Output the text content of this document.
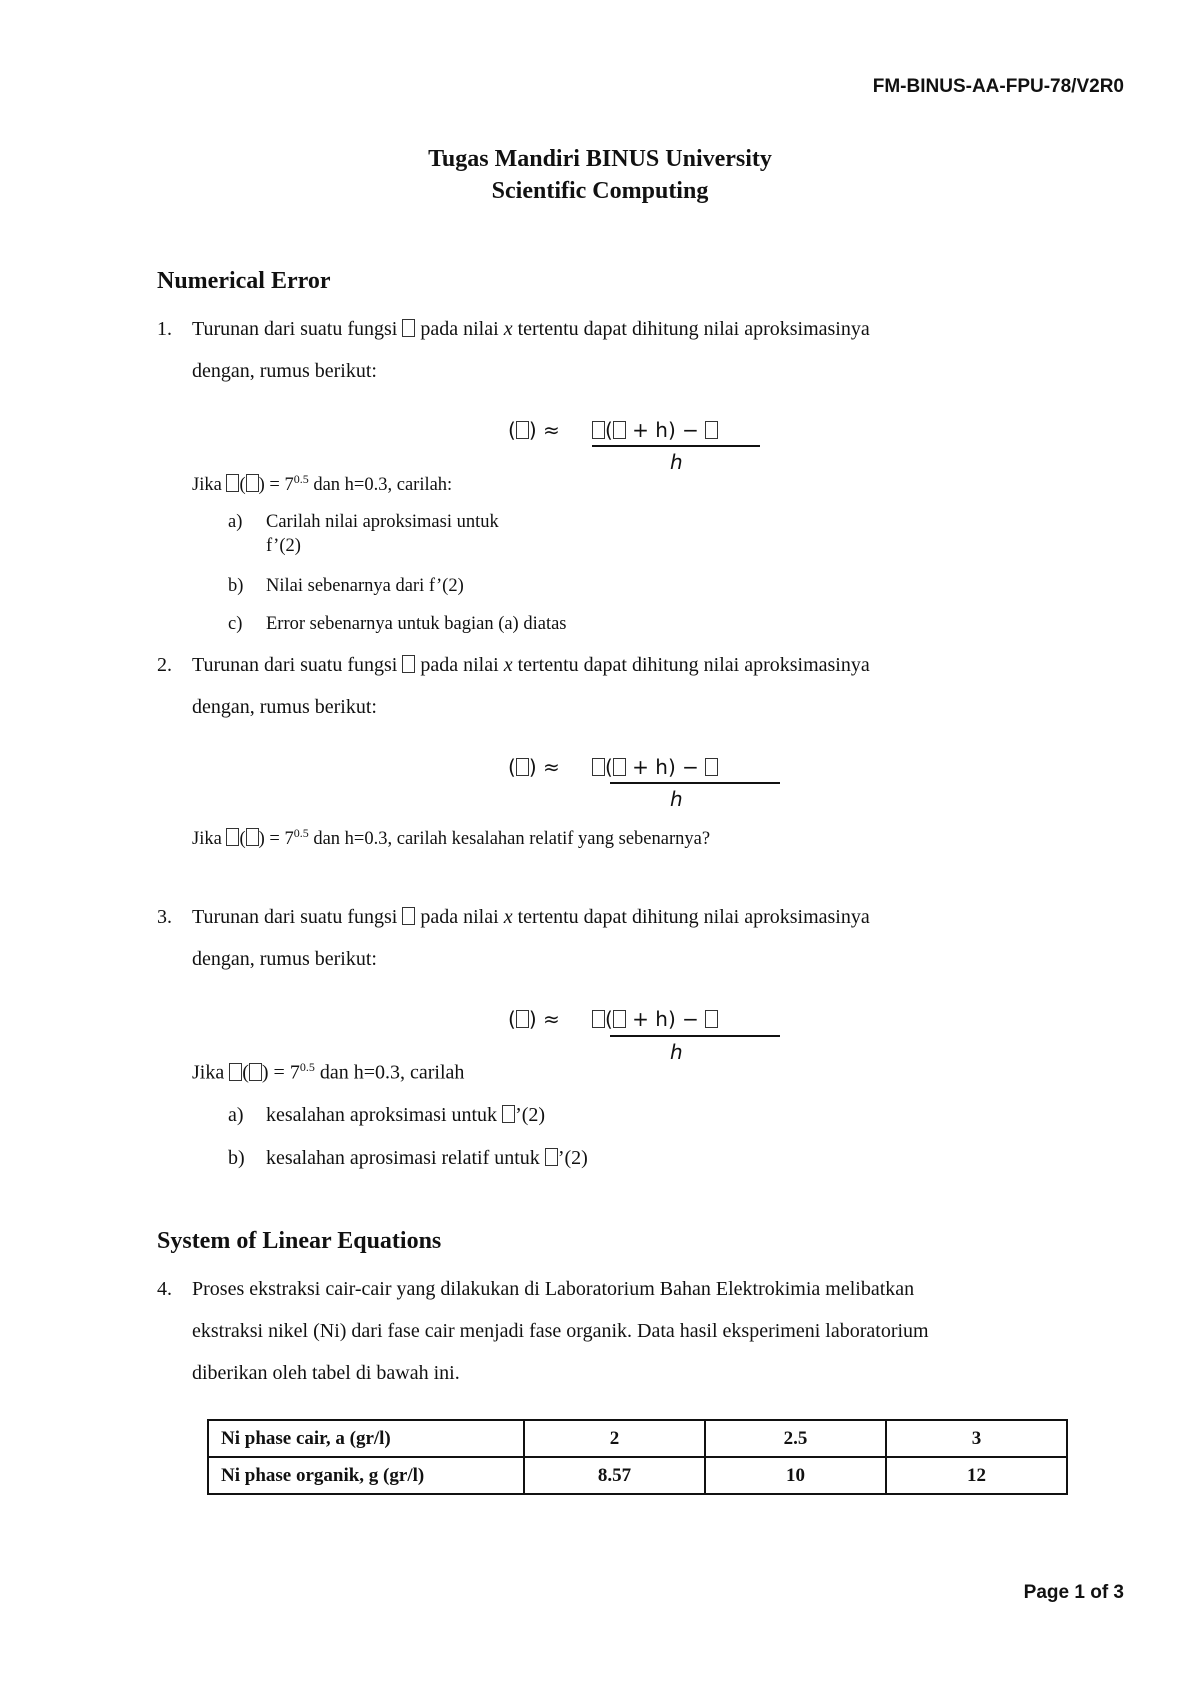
FM-BINUS-AA-FPU-78/V2R0
Tugas Mandiri BINUS University
Scientific Computing
Numerical Error
1. Turunan dari suatu fungsi pada nilai x tertentu dapat dihitung nilai aproksimasinya
dengan, rumus berikut:
( ) ≈	( + h) −
h
Jika ( ) = $7^{0.5}$ dan h=0.3, carilah:
a) Carilah nilai aproksimasi untuk
f’(2)
b) Nilai sebenarnya dari f’(2)
c) Error sebenarnya untuk bagian (a) diatas
2. Turunan dari suatu fungsi pada nilai x tertentu dapat dihitung nilai aproksimasinya
dengan, rumus berikut:
( ) ≈	( + h) −
h
Jika ( ) = $7^{0.5}$ dan h=0.3, carilah kesalahan relatif yang sebenarnya?
3. Turunan dari suatu fungsi pada nilai x tertentu dapat dihitung nilai aproksimasinya
dengan, rumus berikut:
( ) ≈	( + h) −
h
Jika ( ) = $7^{0.5}$ dan h=0.3, carilah
a) kesalahan aproksimasi untuk ’(2)
b) kesalahan aprosimasi relatif untuk ’(2)
System of Linear Equations
4. Proses ekstraksi cair-cair yang dilakukan di Laboratorium Bahan Elektrokimia melibatkan
ekstraksi nikel (Ni) dari fase cair menjadi fase organik. Data hasil eksperimeni laboratorium
diberikan oleh tabel di bawah ini.
Ni phase cair, a (gr/l)	2	2.5	3
Ni phase organik, g (gr/l)	8.57	10	12
Page 1 of 3
